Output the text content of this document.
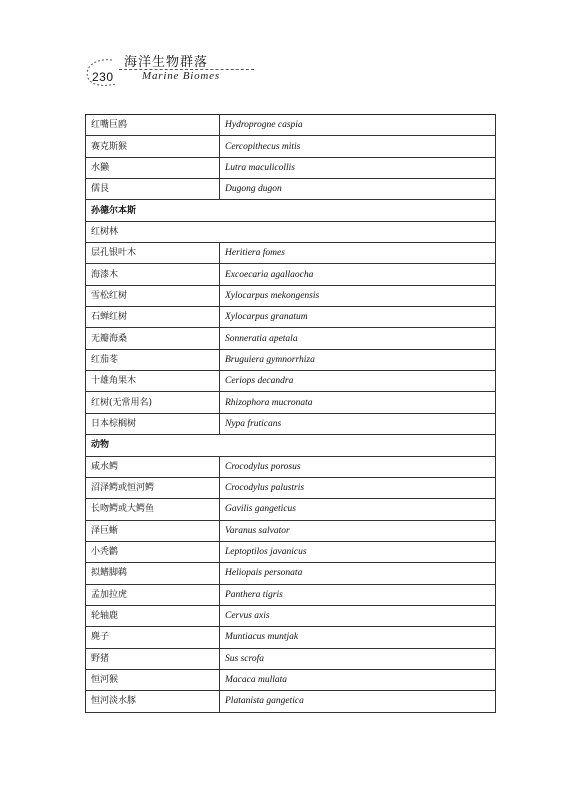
230
海洋生物群落
Marine Biomes
红嘴巨鸥	Hydroprogne caspia
赛克斯猴	Cercopithecus mitis
水獭	Lutra maculicollis
儒艮	Dugong dugon
孙德尔本斯	
红树林	
层孔银叶木	Heritiera fomes
海漆木	Excoecaria agallaocha
雪松红树	Xylocarpus mekongensis
石蝉红树	Xylocarpus granatum
无瓣海桑	Sonneratia apetala
红茄苳	Bruguiera gymnorrhiza
十雄角果木	Ceriops decandra
红树(无常用名)	Rhizophora mucronata
日本棕榈树	Nypa fruticans
动物	
咸水鳄	Crocodylus porosus
沼泽鳄或恒河鳄	Crocodylus palustris
长吻鳄或大鳄鱼	Gavilis gangeticus
泽巨蜥	Varanus salvator
小秃鹳	Leptoptilos javanicus
拟鳍脚鹈	Heliopais personata
孟加拉虎	Panthera tigris
轮轴鹿	Cervus axis
麂子	Muntiacus muntjak
野猪	Sus scrofa
恒河猴	Macaca mullata
恒河淡水豚	Platanista gangetica
